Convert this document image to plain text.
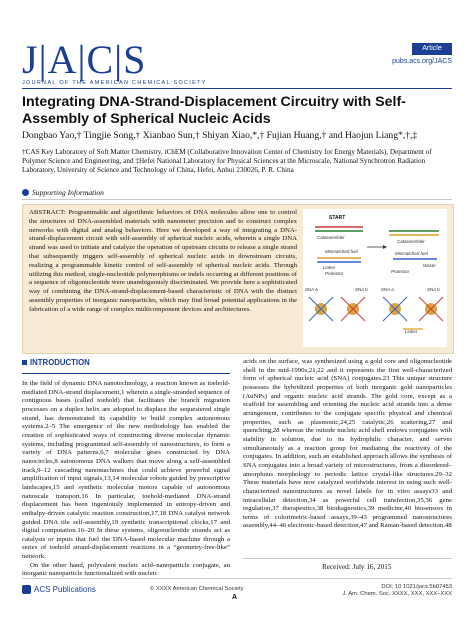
J|A|C|S
JOURNAL OF THE AMERICAN CHEMICAL SOCIETY
Article
pubs.acs.org/JACS
Integrating DNA-Strand-Displacement Circuitry with Self-Assembly of Spherical Nucleic Acids
Dongbao Yao,† Tingjie Song,† Xianbao Sun,† Shiyan Xiao,*,† Fujian Huang,† and Haojun Liang*,†,‡
†CAS Key Laboratory of Soft Matter Chemistry, iChEM (Collaborative Innovation Center of Chemistry for Energy Materials), Department of Polymer Science and Engineering, and ‡Hefei National Laboratory for Physical Sciences at the Microscale, National Synchrotron Radiation Laboratory, University of Science and Technology of China, Hefei, Anhui 230026, P. R. China
Supporting Information
ABSTRACT: Programmable and algorithmic behaviors of DNA molecules allow one to control the structures of DNA-assembled materials with nanometer precision and to construct complex networks with digital and analog behaviors. Here we developed a way of integrating a DNA-strand-displacement circuit with self-assembly of spherical nucleic acids, wherein a single DNA strand was used to initiate and catalyze the operation of upstream circuits to release a single strand that subsequently triggers self-assembly of spherical nucleic acids in downstream circuits, realizing a programmable kinetic control of self-assembly of spherical nucleic acids. Through utilizing this method, single-nucleotide polymorphisms or indels occurring at different positions of a sequence of oligonucleotide were unambiguously discriminated. We provide here a sophisticated way of combining the DNA-strand-displacement-based characteristic of DNA with the distinct assembly properties of inorganic nanoparticles, which may find broad potential applications in the fabrication of a wide range of complex multicomponent devices and architectures.
START
Catassembler
Mismatched fuel
Linker
Protector
Catassembler
Mismatched fuel
Waste
Protector
SNA a	SNA b	SNA a	SNA b
Linker
INTRODUCTION
In the field of dynamic DNA nanotechnology, a reaction known as toehold-mediated DNA-strand displacement,1 wherein a single-stranded sequence of contiguous bases (called toehold) that facilitates the branch migration processes on a duplex helix are adopted to displace the sequestered single strand, has demonstrated its capability to build complex autonomous systems.2–5 The emergence of the new methodology has enabled the creation of sophisticated ways of constructing diverse molecular dynamic systems, including programmed self-assembly of nanostructures, to form a variety of DNA patterns,6,7 molecular gears constructed by DNA nanocircles,8 autonomous DNA walkers that move along a self-assembled track,9–12 cascading nanomachines that could achieve powerful signal amplification of input signals,13,14 molecular robots guided by prescriptive landscapes,15 and synthetic molecular motors capable of autonomous nanoscale transport.16 In particular, toehold-mediated DNA-strand displacement has been ingeniously implemented in entropy-driven and enthalpy-driven catalytic reaction construction,17,18 DNA catalyst network guided DNA tile self-assembly,19 synthetic transcriptional clocks,17 and digital computation.16–20 In these systems, oligonucleotide strands act as catalysts or inputs that fuel the DNA-based molecular machine through a series of toehold strand-displacement reactions in a “geometry-free-like” network.
On the other hand, polyvalent nucleic acid–nanoparticle conjugate, an inorganic nanoparticle functionalized with nucleic
acids on the surface, was synthesized using a gold core and oligonucleotide shell in the mid-1990s,21,22 and it represents the first well-characterized form of spherical nucleic acid (SNA) conjugates.23 This unique structure possesses the hybridized properties of both inorganic gold nanoparticles (AuNPs) and organic nucleic acid strands. The gold core, except as a scaffold for assembling and orienting the nucleic acid strands into a dense arrangement, contributes to the conjugate specific physical and chemical properties, such as plasmonic,24,25 catalytic,26 scattering,27 and quenching,28 whereas the outside nucleic acid shell endows conjugates with stability in solution, due to its hydrophilic character, and serves simultaneously as a reaction group for mediating the reactivity of the conjugates. In addition, such an established approach allows the synthesis of SNA conjugates into a broad variety of microstructures, from a disordered–amorphous morphology to periodic lattice crystal-like structures.29–32 These materials have now catalyzed worldwide interest in using such well-characterized nanostructures as novel labels for in vitro assays33 and intracellular detection,34 as powerful cell transfection,35,36 gene regulation,37 therapeutics,38 biodiagnostics,39 medicine,40 biosensors in terms of colorimetric-based assays,39–43 programmed nanostructures assembly,44–46 electronic-based detection,47 and Raman-based detection.48
Received: July 16, 2015
ACS Publications	© XXXX American Chemical Society
A
DOI: 10.1021/jacs.5b07453
J. Am. Chem. Soc. XXXX, XXX, XXX–XXX
